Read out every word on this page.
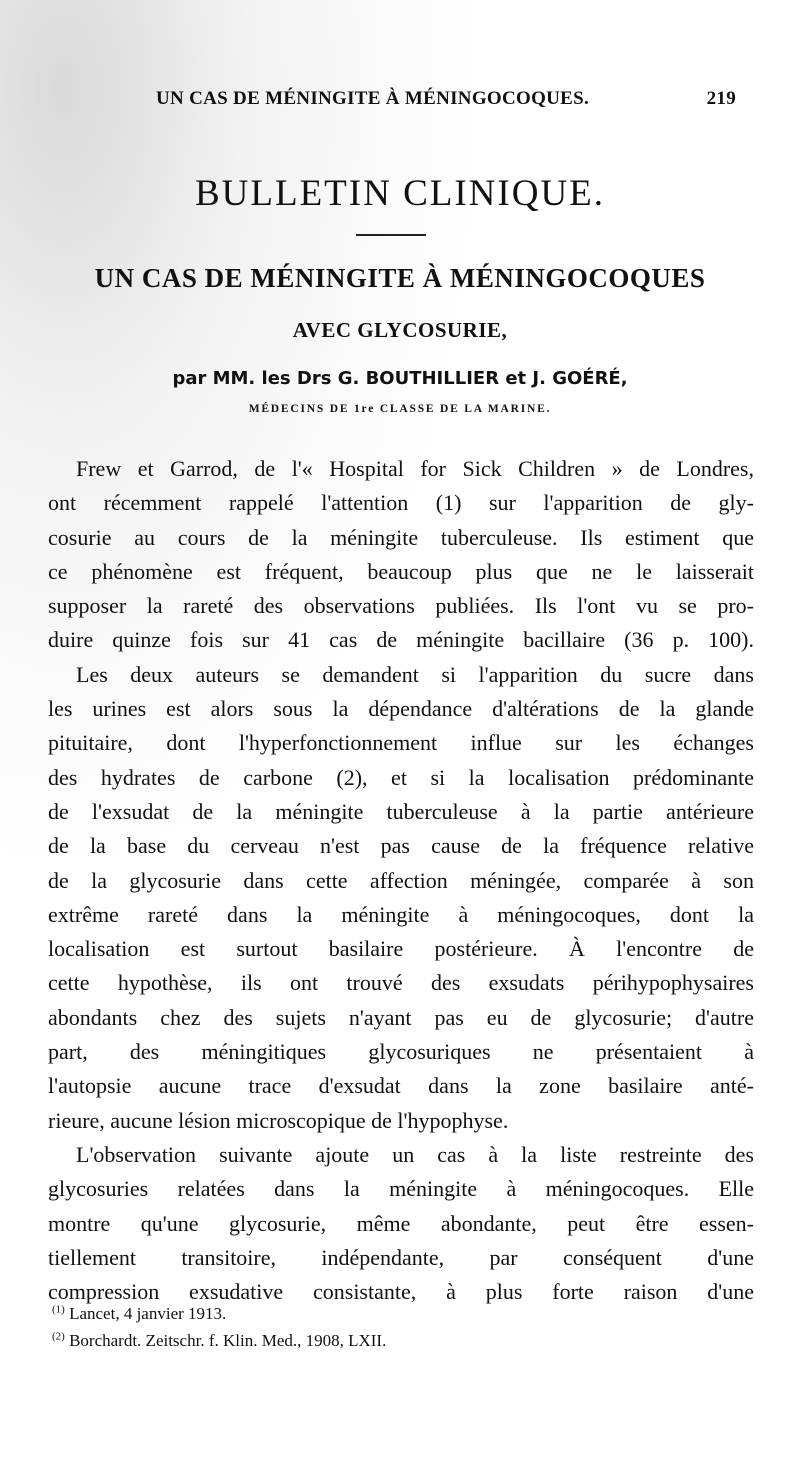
UN CAS DE MÉNINGITE À MÉNINGOCOQUES.	219
BULLETIN CLINIQUE.
UN CAS DE MÉNINGITE À MÉNINGOCOQUES
AVEC GLYCOSURIE,
par MM. les Drs G. BOUTHILLIER et J. GOÉRÉ,
MÉDECINS DE 1re CLASSE DE LA MARINE.
Frew et Garrod, de l'« Hospital for Sick Children » de Londres,
ont récemment rappelé l'attention (1) sur l'apparition de gly-
cosurie au cours de la méningite tuberculeuse. Ils estiment que
ce phénomène est fréquent, beaucoup plus que ne le laisserait
supposer la rareté des observations publiées. Ils l'ont vu se pro-
duire quinze fois sur 41 cas de méningite bacillaire (36 p. 100).
Les deux auteurs se demandent si l'apparition du sucre dans
les urines est alors sous la dépendance d'altérations de la glande
pituitaire, dont l'hyperfonctionnement influe sur les échanges
des hydrates de carbone (2), et si la localisation prédominante
de l'exsudat de la méningite tuberculeuse à la partie antérieure
de la base du cerveau n'est pas cause de la fréquence relative
de la glycosurie dans cette affection méningée, comparée à son
extrême rareté dans la méningite à méningocoques, dont la
localisation est surtout basilaire postérieure. À l'encontre de
cette hypothèse, ils ont trouvé des exsudats périhypophysaires
abondants chez des sujets n'ayant pas eu de glycosurie; d'autre
part, des méningitiques glycosuriques ne présentaient à
l'autopsie aucune trace d'exsudat dans la zone basilaire anté-
rieure, aucune lésion microscopique de l'hypophyse.
L'observation suivante ajoute un cas à la liste restreinte des
glycosuries relatées dans la méningite à méningocoques. Elle
montre qu'une glycosurie, même abondante, peut être essen-
tiellement transitoire, indépendante, par conséquent d'une
compression exsudative consistante, à plus forte raison d'une
$^{(1)}$ Lancet, 4 janvier 1913.
$^{(2)}$ Borchardt. Zeitschr. f. Klin. Med., 1908, LXII.
